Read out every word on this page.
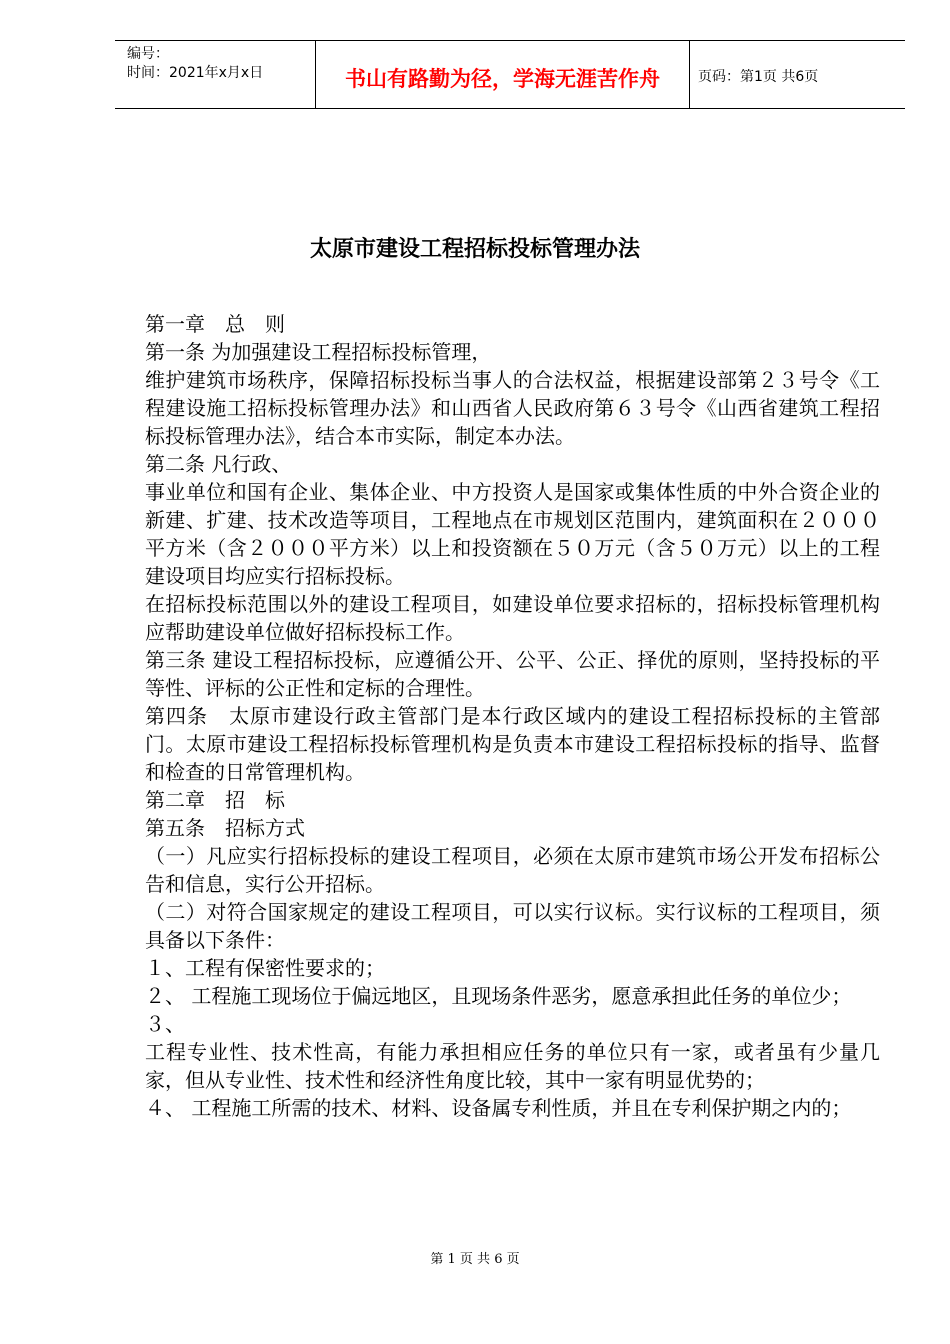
编号：
时间：2021年x月x日	书山有路勤为径，学海无涯苦作舟	页码：第1页 共6页
太原市建设工程招标投标管理办法

第一章　总　则

第一条 为加强建设工程招标投标管理，

维护建筑市场秩序，保障招标投标当事人的合法权益，根据建设部第２３号令《工程建设施工招标投标管理办法》和山西省人民政府第６３号令《山西省建筑工程招标投标管理办法》，结合本市实际，制定本办法。

第二条 凡行政、

事业单位和国有企业、集体企业、中方投资人是国家或集体性质的中外合资企业的新建、扩建、技术改造等项目，工程地点在市规划区范围内，建筑面积在２０００平方米（含２０００平方米）以上和投资额在５０万元（含５０万元）以上的工程建设项目均应实行招标投标。

在招标投标范围以外的建设工程项目，如建设单位要求招标的，招标投标管理机构应帮助建设单位做好招标投标工作。

第三条 建设工程招标投标，应遵循公开、公平、公正、择优的原则，坚持投标的平等性、评标的公正性和定标的合理性。

第四条　太原市建设行政主管部门是本行政区域内的建设工程招标投标的主管部门。太原市建设工程招标投标管理机构是负责本市建设工程招标投标的指导、监督和检查的日常管理机构。

第二章　招　标

第五条　招标方式

（一）凡应实行招标投标的建设工程项目，必须在太原市建筑市场公开发布招标公告和信息，实行公开招标。

（二）对符合国家规定的建设工程项目，可以实行议标。实行议标的工程项目，须具备以下条件：

１、工程有保密性要求的；

２、 工程施工现场位于偏远地区，且现场条件恶劣，愿意承担此任务的单位少；

３、

工程专业性、技术性高，有能力承担相应任务的单位只有一家，或者虽有少量几家，但从专业性、技术性和经济性角度比较，其中一家有明显优势的；

４、 工程施工所需的技术、材料、设备属专利性质，并且在专利保护期之内的；

第 1 页 共 6 页
